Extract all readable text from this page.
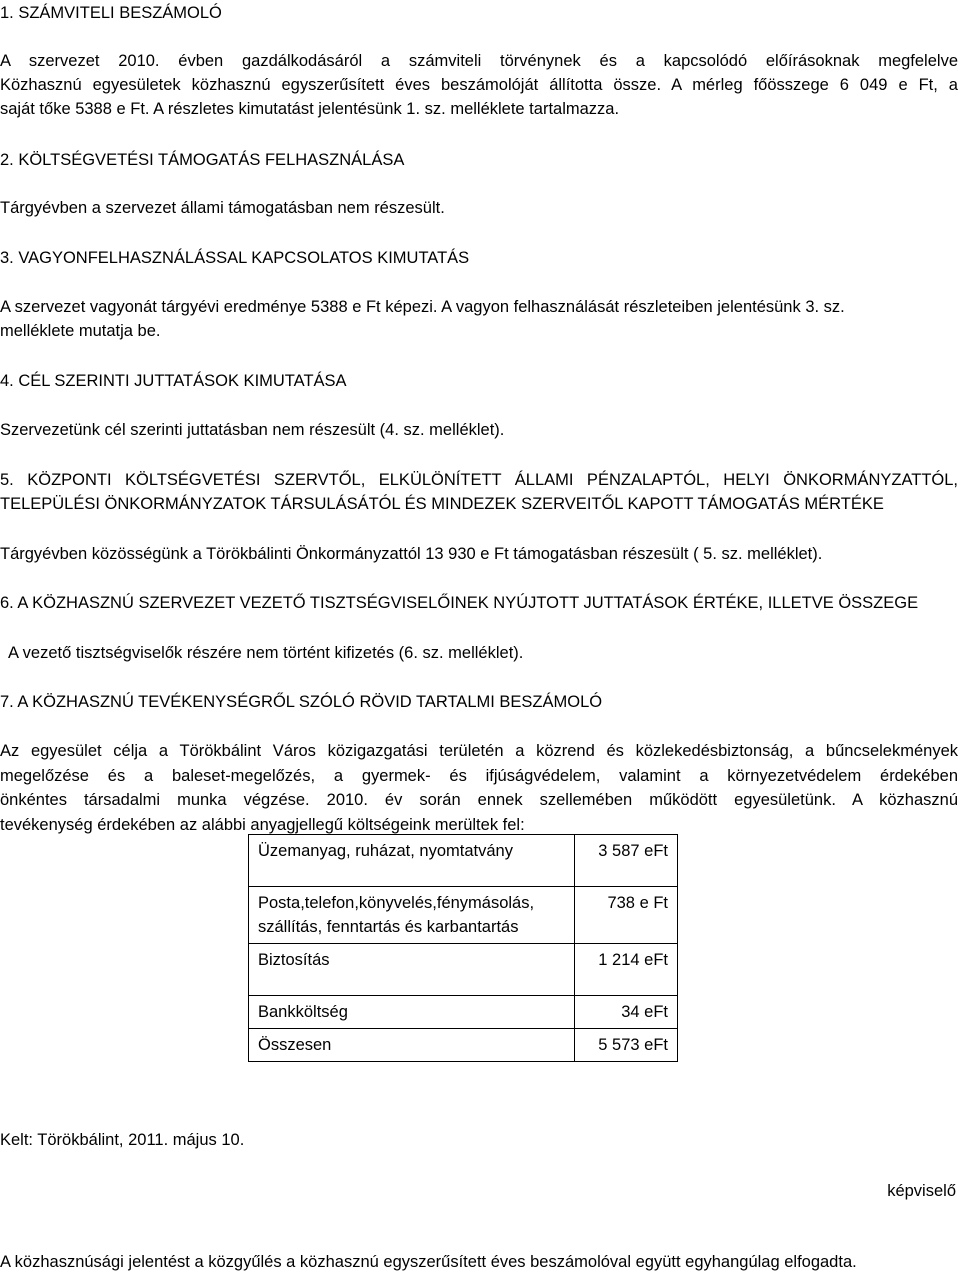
1. SZÁMVITELI BESZÁMOLÓ
A szervezet 2010. évben gazdálkodásáról a számviteli törvénynek és a kapcsolódó előírásoknak megfelelve
Közhasznú egyesületek közhasznú egyszerűsített éves beszámolóját állította össze. A mérleg főösszege 6 049 e Ft, a
saját tőke 5388 e Ft. A részletes kimutatást jelentésünk 1. sz. melléklete tartalmazza.
2. KÖLTSÉGVETÉSI TÁMOGATÁS FELHASZNÁLÁSA
Tárgyévben a szervezet állami támogatásban nem részesült.
3. VAGYONFELHASZNÁLÁSSAL KAPCSOLATOS KIMUTATÁS
A szervezet vagyonát tárgyévi eredménye 5388 e Ft képezi. A vagyon felhasználását részleteiben jelentésünk 3. sz.
melléklete mutatja be.
4. CÉL SZERINTI JUTTATÁSOK KIMUTATÁSA
Szervezetünk cél szerinti juttatásban nem részesült (4. sz. melléklet).
5. KÖZPONTI KÖLTSÉGVETÉSI SZERVTŐL, ELKÜLÖNÍTETT ÁLLAMI PÉNZALAPTÓL, HELYI ÖNKORMÁNYZATTÓL,
TELEPÜLÉSI ÖNKORMÁNYZATOK TÁRSULÁSÁTÓL ÉS MINDEZEK SZERVEITŐL KAPOTT TÁMOGATÁS MÉRTÉKE
Tárgyévben közösségünk a Törökbálinti Önkormányzattól 13 930 e Ft támogatásban részesült ( 5. sz. melléklet).
6. A KÖZHASZNÚ SZERVEZET VEZETŐ TISZTSÉGVISELŐINEK NYÚJTOTT JUTTATÁSOK ÉRTÉKE, ILLETVE ÖSSZEGE
A vezető tisztségviselők részére nem történt kifizetés (6. sz. melléklet).
7. A KÖZHASZNÚ TEVÉKENYSÉGRŐL SZÓLÓ RÖVID TARTALMI BESZÁMOLÓ
Az egyesület célja a Törökbálint Város közigazgatási területén a közrend és közlekedésbiztonság, a bűncselekmények
megelőzése és a baleset-megelőzés, a gyermek- és ifjúságvédelem, valamint a környezetvédelem érdekében
önkéntes társadalmi munka végzése. 2010. év során ennek szellemében működött egyesületünk. A közhasznú
tevékenység érdekében az alábbi anyagjellegű költségeink merültek fel:
Üzemanyag, ruházat, nyomtatvány	3 587 eFt
Posta,telefon,könyvelés,fénymásolás, szállítás, fenntartás és karbantartás	738 e Ft
Biztosítás	1 214 eFt
Bankköltség	34 eFt
Összesen	5 573 eFt
Kelt: Törökbálint, 2011. május 10.
képviselő
A közhasznúsági jelentést a közgyűlés a közhasznú egyszerűsített éves beszámolóval együtt egyhangúlag elfogadta.
